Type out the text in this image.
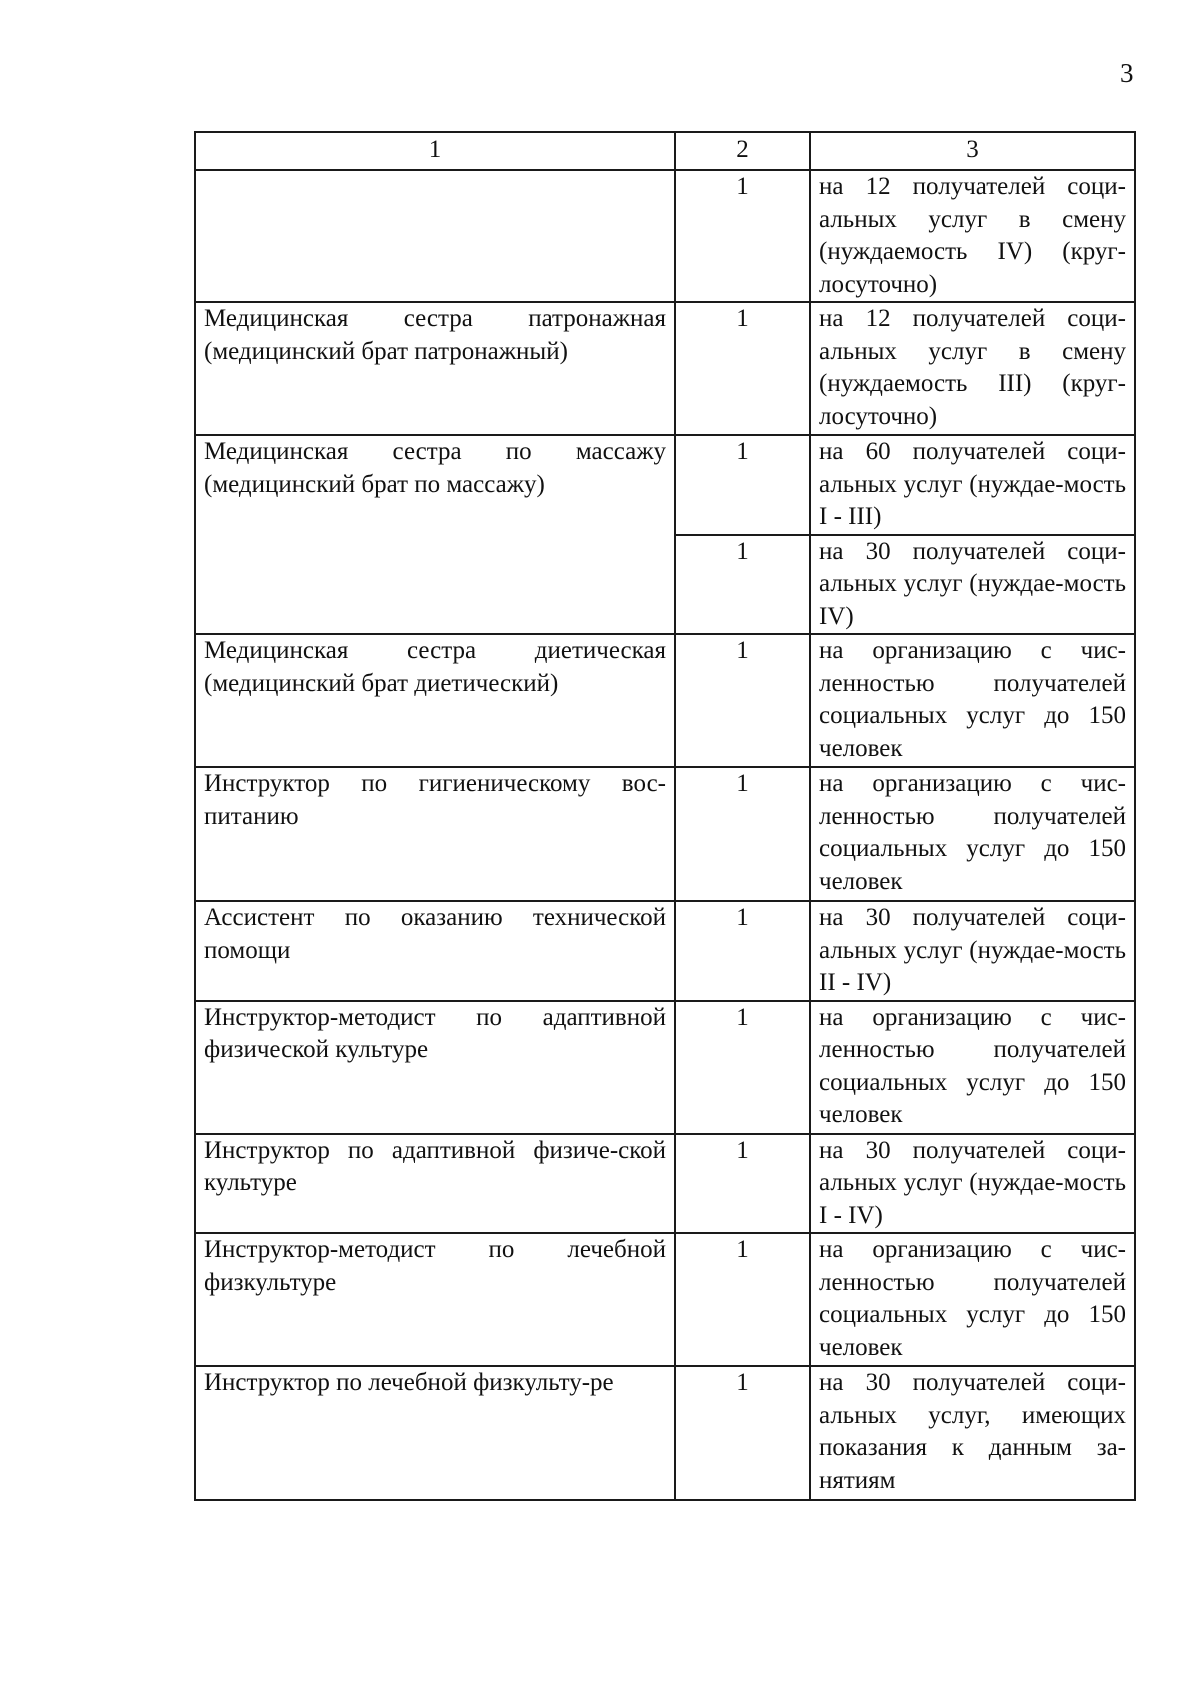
3
1	2	3

	1	на 12 получателей соци-альных услуг в смену (нуждаемость IV) (круг-лосуточно)

Медицинская сестра патронажная (медицинский брат патронажный)	1	на 12 получателей соци-альных услуг в смену (нуждаемость III) (круг-лосуточно)

Медицинская сестра по массажу (медицинский брат по массажу)	1	на 60 получателей соци-альных услуг (нуждае-мость I - III)

	1	на 30 получателей соци-альных услуг (нуждае-мость IV)

Медицинская сестра диетическая (медицинский брат диетический)	1	на организацию с чис-ленностью получателей социальных услуг до 150 человек

Инструктор по гигиеническому вос-питанию	1	на организацию с чис-ленностью получателей социальных услуг до 150 человек

Ассистент по оказанию технической помощи	1	на 30 получателей соци-альных услуг (нуждае-мость II - IV)

Инструктор-методист по адаптивной физической культуре	1	на организацию с чис-ленностью получателей социальных услуг до 150 человек

Инструктор по адаптивной физиче-ской культуре	1	на 30 получателей соци-альных услуг (нуждае-мость I - IV)

Инструктор-методист по лечебной физкультуре	1	на организацию с чис-ленностью получателей социальных услуг до 150 человек

Инструктор по лечебной физкульту-ре	1	на 30 получателей соци-альных услуг, имеющих показания к данным за-нятиям
